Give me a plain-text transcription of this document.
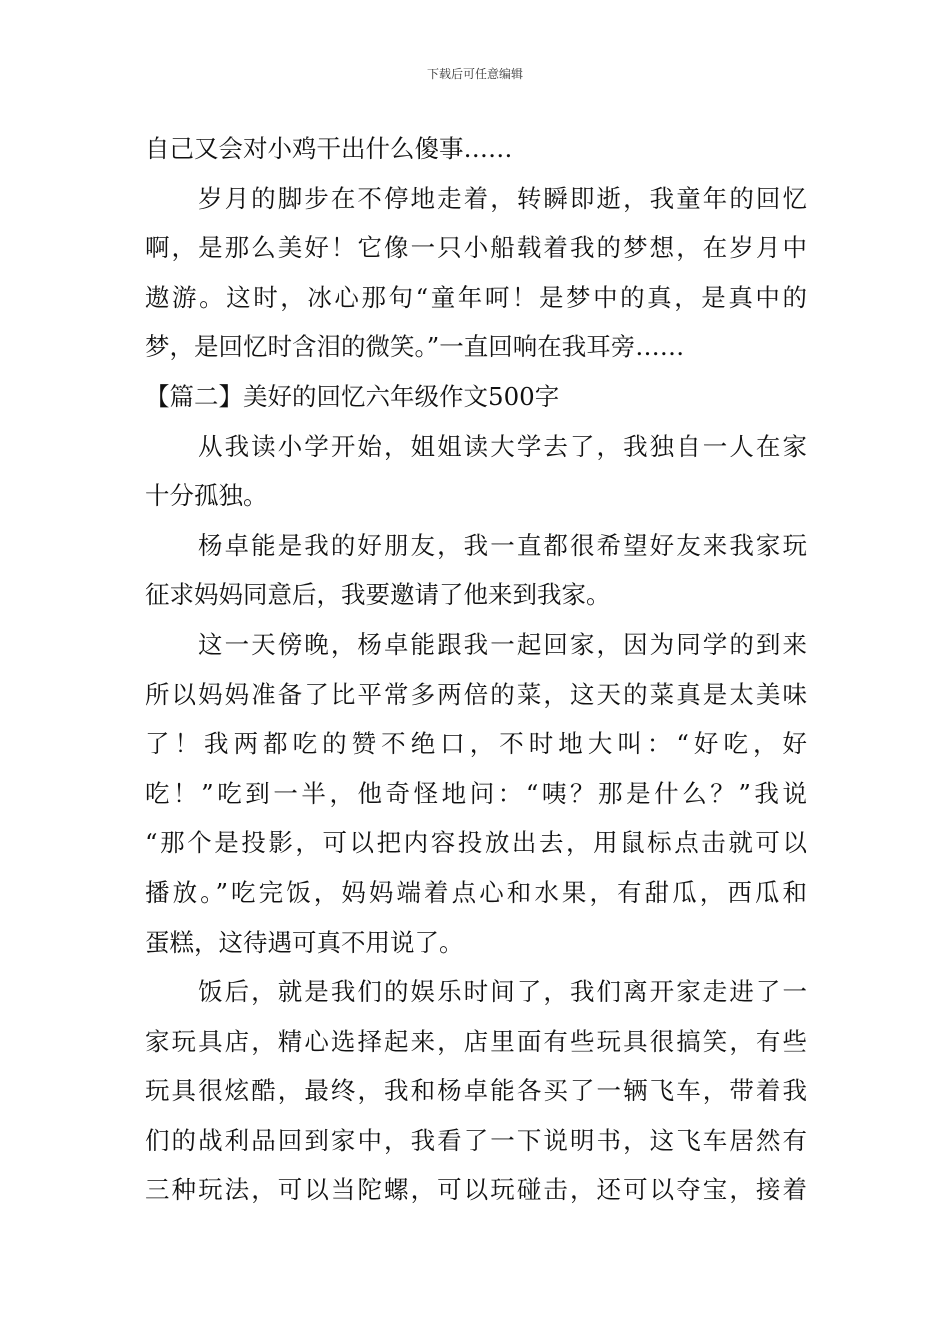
下载后可任意编辑
自己又会对小鸡干出什么傻事……
岁月的脚步在不停地走着，转瞬即逝，我童年的回忆
啊，是那么美好！它像一只小船载着我的梦想，在岁月中
遨游。这时，冰心那句“童年呵！是梦中的真，是真中的
梦，是回忆时含泪的微笑。”一直回响在我耳旁……
【篇二】美好的回忆六年级作文500字
从我读小学开始，姐姐读大学去了，我独自一人在家
十分孤独。
杨卓能是我的好朋友，我一直都很希望好友来我家玩
征求妈妈同意后，我要邀请了他来到我家。
这一天傍晚，杨卓能跟我一起回家，因为同学的到来
所以妈妈准备了比平常多两倍的菜，这天的菜真是太美味
了！我两都吃的赞不绝口，不时地大叫：“好吃，好
吃！”吃到一半，他奇怪地问：“咦？那是什么？”我说
“那个是投影，可以把内容投放出去，用鼠标点击就可以
播放。”吃完饭，妈妈端着点心和水果，有甜瓜，西瓜和
蛋糕，这待遇可真不用说了。
饭后，就是我们的娱乐时间了，我们离开家走进了一
家玩具店，精心选择起来，店里面有些玩具很搞笑，有些
玩具很炫酷，最终，我和杨卓能各买了一辆飞车，带着我
们的战利品回到家中，我看了一下说明书，这飞车居然有
三种玩法，可以当陀螺，可以玩碰击，还可以夺宝，接着
